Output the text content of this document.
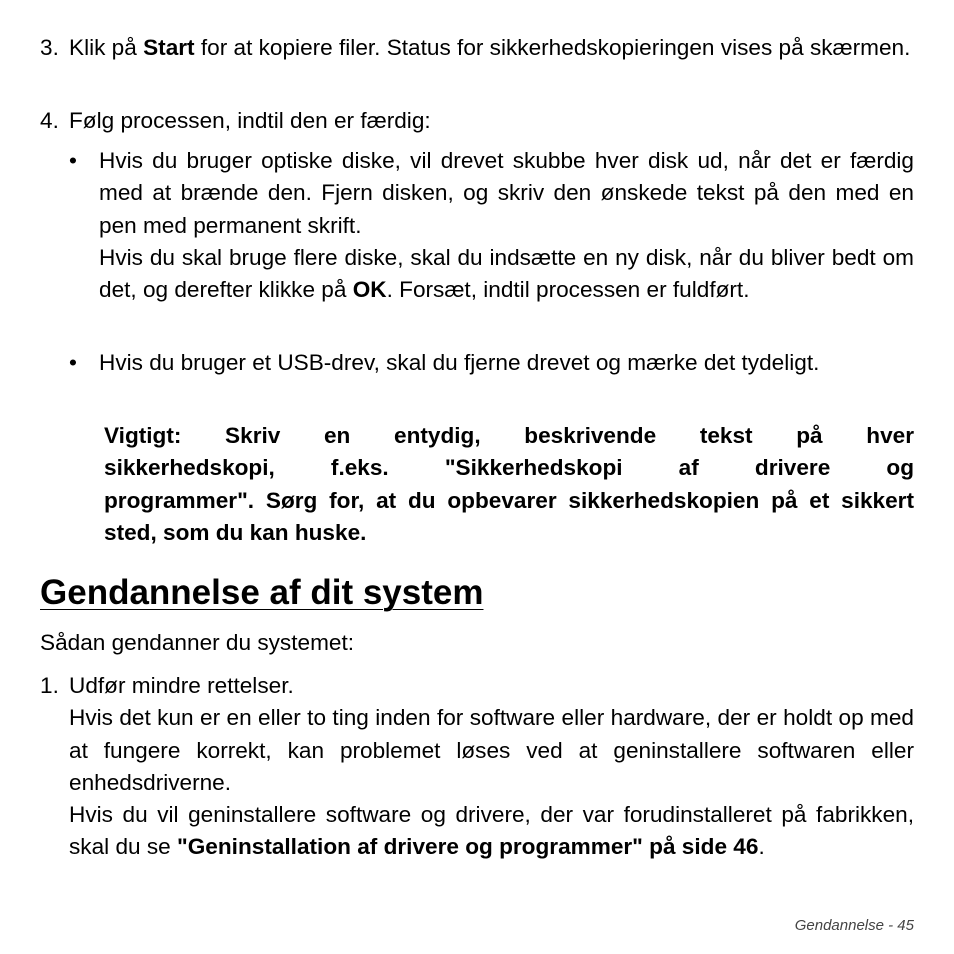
3. Klik på Start for at kopiere filer. Status for sikkerhedskopieringen vises på skærmen.
4. Følg processen, indtil den er færdig:
• Hvis du bruger optiske diske, vil drevet skubbe hver disk ud, når det er færdig med at brænde den. Fjern disken, og skriv den ønskede tekst på den med en pen med permanent skrift.
Hvis du skal bruge flere diske, skal du indsætte en ny disk, når du bliver bedt om det, og derefter klikke på OK. Forsæt, indtil processen er fuldført.
• Hvis du bruger et USB-drev, skal du fjerne drevet og mærke det tydeligt.
Vigtigt: Skriv en entydig, beskrivende tekst på hver
sikkerhedskopi, f.eks. "Sikkerhedskopi af drivere og
programmer". Sørg for, at du opbevarer sikkerhedskopien på et sikkert sted, som du kan huske.
Gendannelse af dit system
Sådan gendanner du systemet:
1. Udfør mindre rettelser.
Hvis det kun er en eller to ting inden for software eller hardware, der er holdt op med at fungere korrekt, kan problemet løses ved at geninstallere softwaren eller enhedsdriverne.
Hvis du vil geninstallere software og drivere, der var forudinstalleret på fabrikken, skal du se "Geninstallation af drivere og programmer" på side 46.
Gendannelse - 45
